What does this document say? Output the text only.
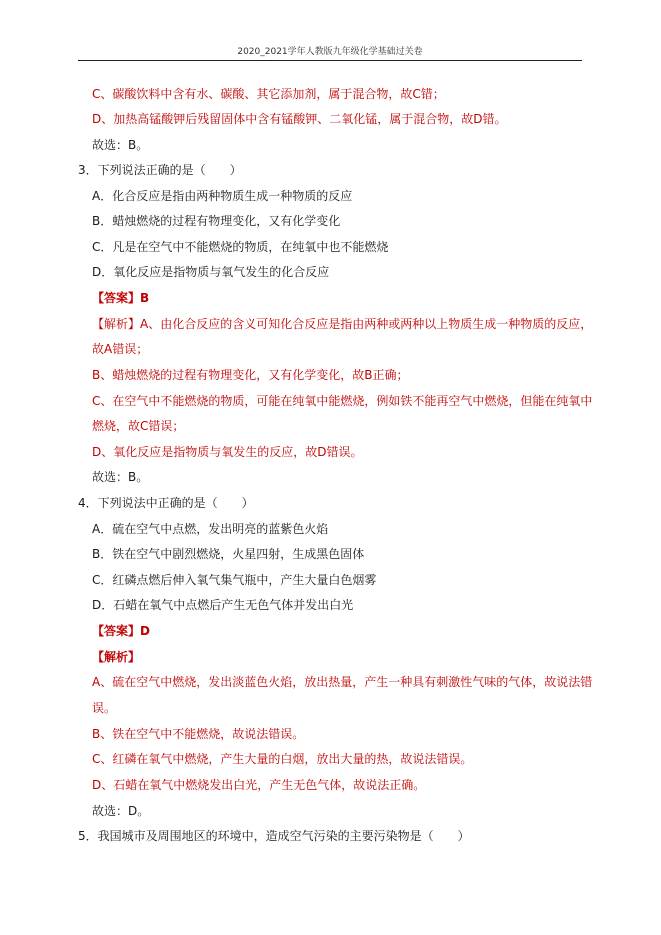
2020_2021学年人教版九年级化学基础过关卷
C、碳酸饮料中含有水、碳酸、其它添加剂，属于混合物，故C错；
D、加热高锰酸钾后残留固体中含有锰酸钾、二氧化锰，属于混合物，故D错。
故选：B。
3．下列说法正确的是（　　）
A．化合反应是指由两种物质生成一种物质的反应
B．蜡烛燃烧的过程有物理变化，又有化学变化
C．凡是在空气中不能燃烧的物质，在纯氧中也不能燃烧
D．氧化反应是指物质与氧气发生的化合反应
【答案】B
【解析】A、由化合反应的含义可知化合反应是指由两种或两种以上物质生成一种物质的反应，
故A错误；
B、蜡烛燃烧的过程有物理变化，又有化学变化，故B正确；
C、在空气中不能燃烧的物质，可能在纯氧中能燃烧，例如铁不能再空气中燃烧，但能在纯氧中
燃烧，故C错误；
D、氧化反应是指物质与氧发生的反应，故D错误。
故选：B。
4．下列说法中正确的是（　　）
A．硫在空气中点燃，发出明亮的蓝紫色火焰
B．铁在空气中剧烈燃烧，火星四射，生成黑色固体
C．红磷点燃后伸入氧气集气瓶中，产生大量白色烟雾
D．石蜡在氧气中点燃后产生无色气体并发出白光
【答案】D
【解析】
A、硫在空气中燃烧，发出淡蓝色火焰，放出热量，产生一种具有刺激性气味的气体，故说法错
误。
B、铁在空气中不能燃烧，故说法错误。
C、红磷在氧气中燃烧，产生大量的白烟，放出大量的热，故说法错误。
D、石蜡在氧气中燃烧发出白光，产生无色气体，故说法正确。
故选：D。
5．我国城市及周围地区的环境中，造成空气污染的主要污染物是（　　）
